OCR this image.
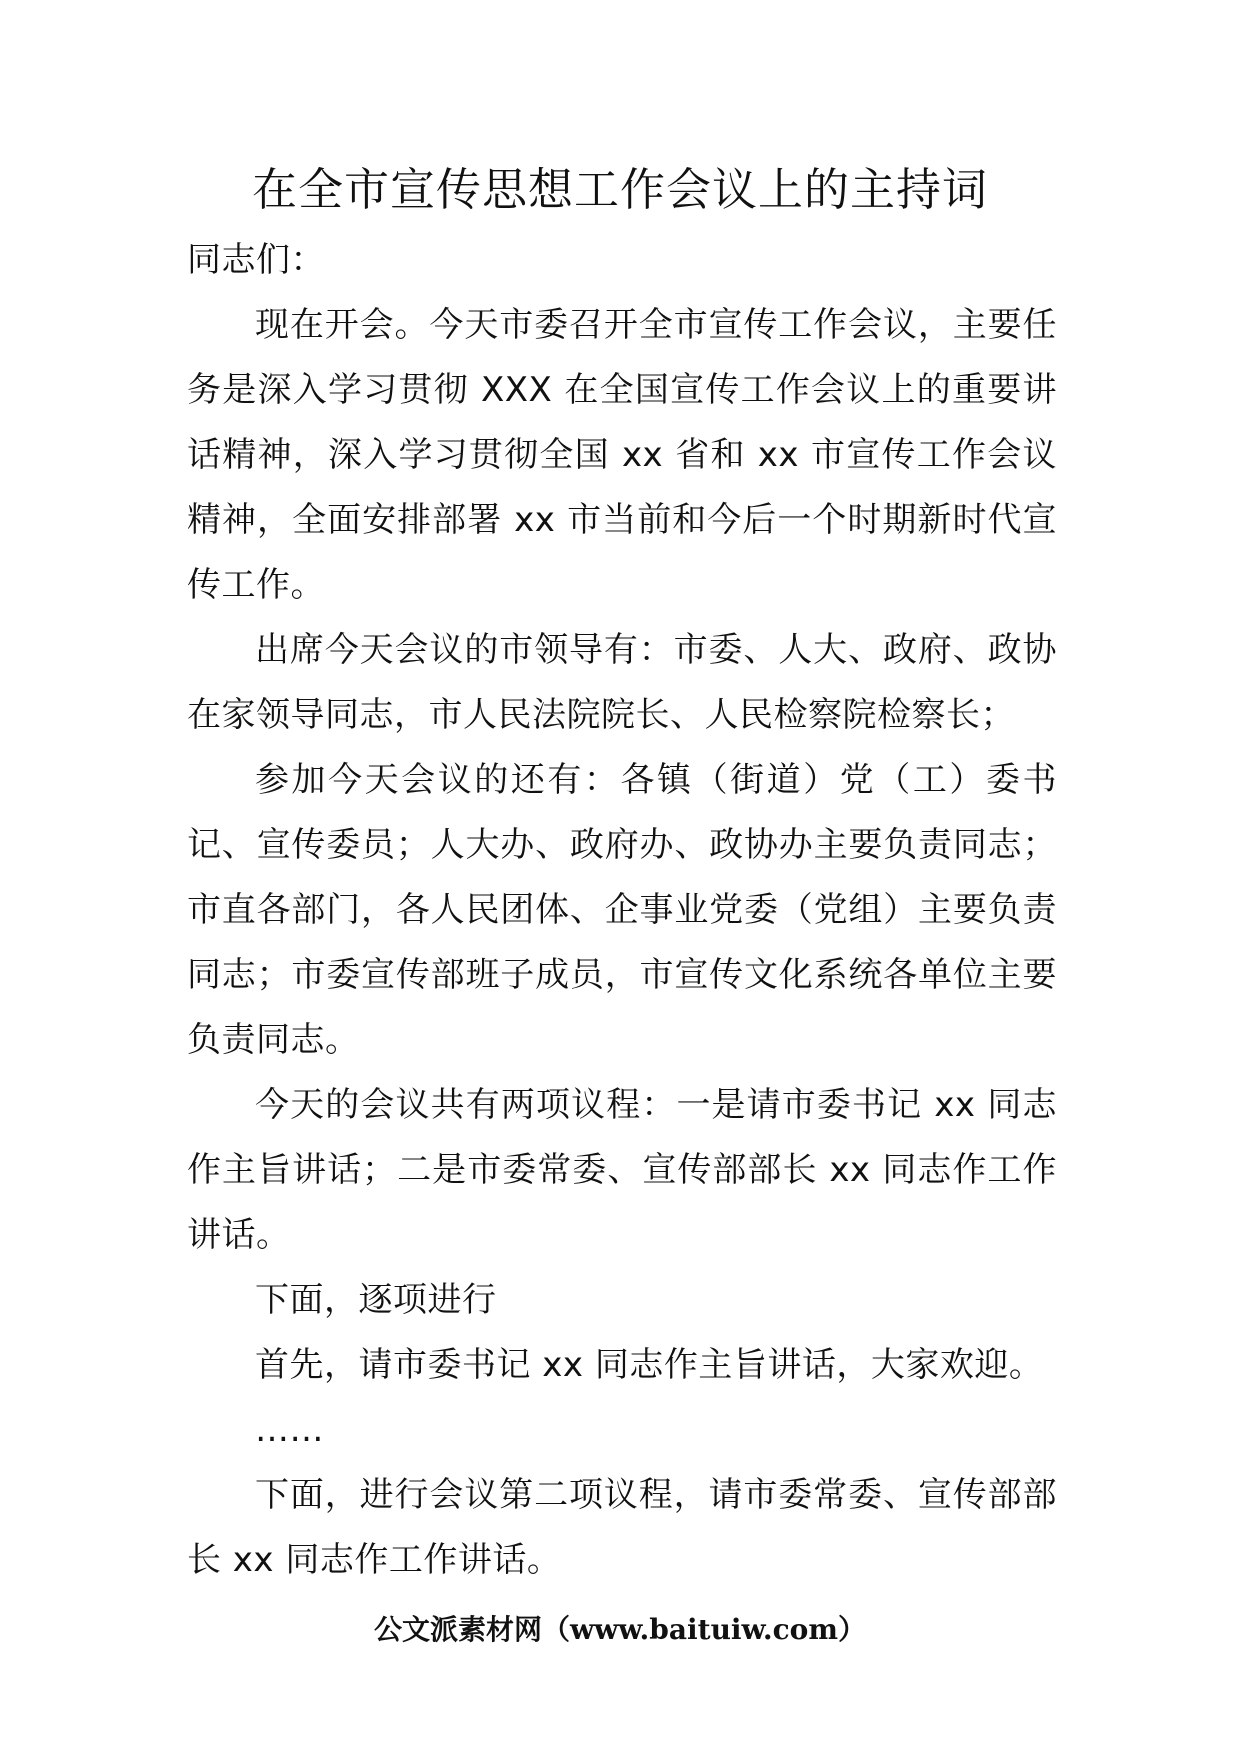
在全市宣传思想工作会议上的主持词

同志们：

现在开会。今天市委召开全市宣传工作会议，主要任务是深入学习贯彻 XXX 在全国宣传工作会议上的重要讲话精神，深入学习贯彻全国 xx 省和 xx 市宣传工作会议精神，全面安排部署 xx 市当前和今后一个时期新时代宣传工作。

出席今天会议的市领导有：市委、人大、政府、政协在家领导同志，市人民法院院长、人民检察院检察长；

参加今天会议的还有：各镇（街道）党（工）委书记、宣传委员；人大办、政府办、政协办主要负责同志；市直各部门，各人民团体、企事业党委（党组）主要负责同志；市委宣传部班子成员，市宣传文化系统各单位主要负责同志。

今天的会议共有两项议程：一是请市委书记 xx 同志作主旨讲话；二是市委常委、宣传部部长 xx 同志作工作讲话。

下面，逐项进行

首先，请市委书记 xx 同志作主旨讲话，大家欢迎。

……

下面，进行会议第二项议程，请市委常委、宣传部部长 xx 同志作工作讲话。

公文派素材网（www.baituiw.com）
